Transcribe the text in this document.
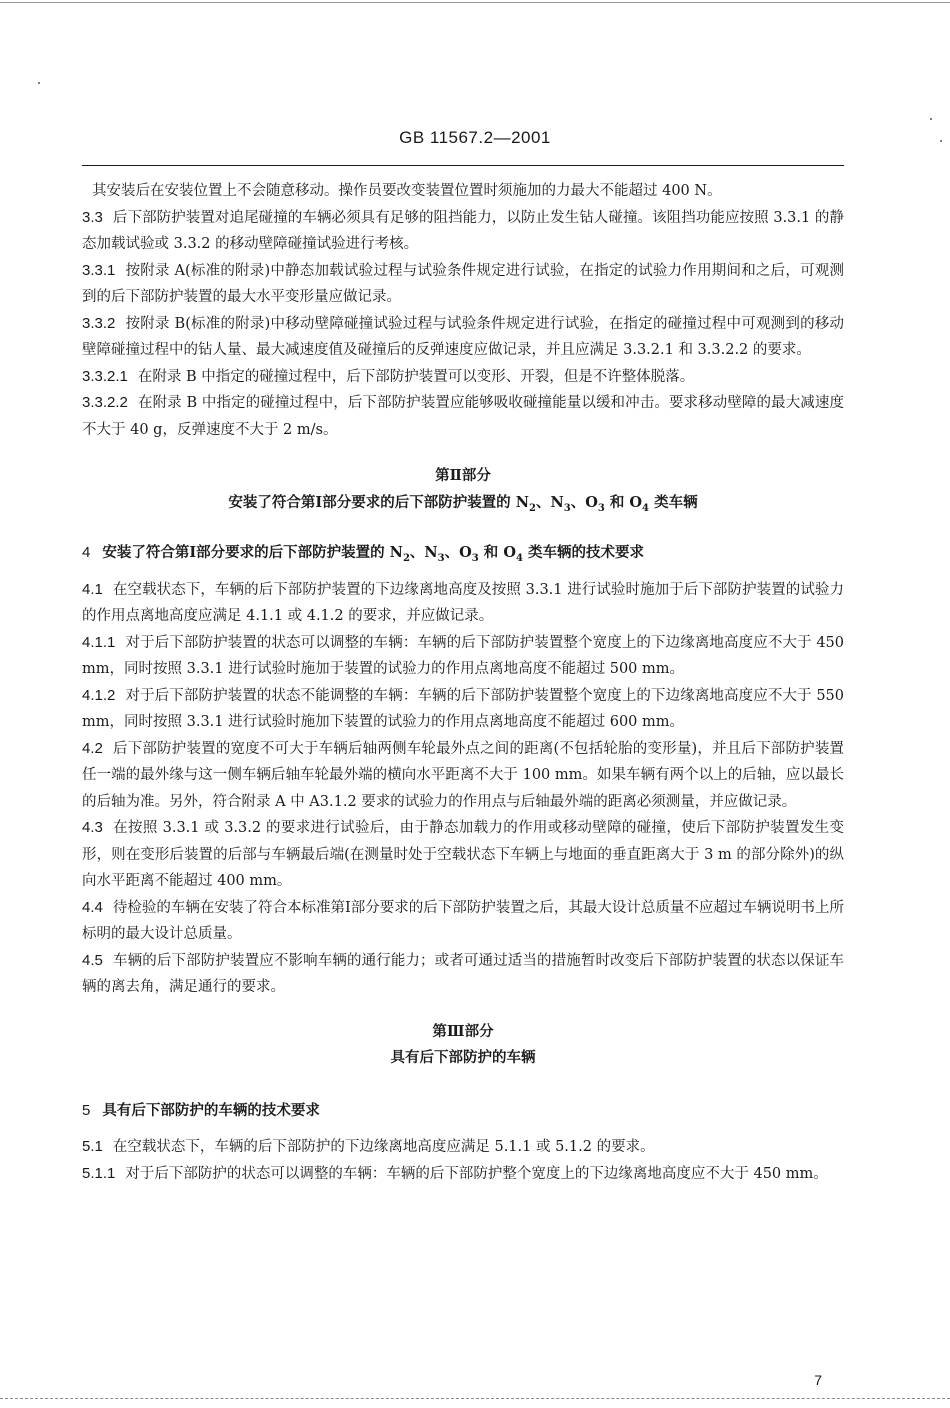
GB 11567.2—2001

其安装后在安装位置上不会随意移动。操作员要改变装置位置时须施加的力最大不能超过 400 N。

3.3 后下部防护装置对追尾碰撞的车辆必须具有足够的阻挡能力，以防止发生钻人碰撞。该阻挡功能应按照 3.3.1 的静态加载试验或 3.3.2 的移动壁障碰撞试验进行考核。

3.3.1 按附录 A(标准的附录)中静态加载试验过程与试验条件规定进行试验，在指定的试验力作用期间和之后，可观测到的后下部防护装置的最大水平变形量应做记录。

3.3.2 按附录 B(标准的附录)中移动壁障碰撞试验过程与试验条件规定进行试验，在指定的碰撞过程中可观测到的移动壁障碰撞过程中的钻人量、最大减速度值及碰撞后的反弹速度应做记录，并且应满足 3.3.2.1 和 3.3.2.2 的要求。

3.3.2.1 在附录 B 中指定的碰撞过程中，后下部防护装置可以变形、开裂，但是不许整体脱落。

3.3.2.2 在附录 B 中指定的碰撞过程中，后下部防护装置应能够吸收碰撞能量以缓和冲击。要求移动壁障的最大减速度不大于 40 g，反弹速度不大于 2 m/s。

第Ⅱ部分

安装了符合第Ⅰ部分要求的后下部防护装置的 $N_2$、$N_3$、$O_3$ 和 $O_4$ 类车辆

4 安装了符合第Ⅰ部分要求的后下部防护装置的 $N_2$、$N_3$、$O_3$ 和 $O_4$ 类车辆的技术要求

4.1 在空载状态下，车辆的后下部防护装置的下边缘离地高度及按照 3.3.1 进行试验时施加于后下部防护装置的试验力的作用点离地高度应满足 4.1.1 或 4.1.2 的要求，并应做记录。

4.1.1 对于后下部防护装置的状态可以调整的车辆：车辆的后下部防护装置整个宽度上的下边缘离地高度应不大于 450 mm，同时按照 3.3.1 进行试验时施加于装置的试验力的作用点离地高度不能超过 500 mm。

4.1.2 对于后下部防护装置的状态不能调整的车辆：车辆的后下部防护装置整个宽度上的下边缘离地高度应不大于 550 mm，同时按照 3.3.1 进行试验时施加下装置的试验力的作用点离地高度不能超过 600 mm。

4.2 后下部防护装置的宽度不可大于车辆后轴两侧车轮最外点之间的距离(不包括轮胎的变形量)，并且后下部防护装置任一端的最外缘与这一侧车辆后轴车轮最外端的横向水平距离不大于 100 mm。如果车辆有两个以上的后轴，应以最长的后轴为准。另外，符合附录 A 中 A3.1.2 要求的试验力的作用点与后轴最外端的距离必须测量，并应做记录。

4.3 在按照 3.3.1 或 3.3.2 的要求进行试验后，由于静态加载力的作用或移动壁障的碰撞，使后下部防护装置发生变形，则在变形后装置的后部与车辆最后端(在测量时处于空载状态下车辆上与地面的垂直距离大于 3 m 的部分除外)的纵向水平距离不能超过 400 mm。

4.4 待检验的车辆在安装了符合本标准第Ⅰ部分要求的后下部防护装置之后，其最大设计总质量不应超过车辆说明书上所标明的最大设计总质量。

4.5 车辆的后下部防护装置应不影响车辆的通行能力；或者可通过适当的措施暂时改变后下部防护装置的状态以保证车辆的离去角，满足通行的要求。

第Ⅲ部分

具有后下部防护的车辆

5 具有后下部防护的车辆的技术要求

5.1 在空载状态下，车辆的后下部防护的下边缘离地高度应满足 5.1.1 或 5.1.2 的要求。

5.1.1 对于后下部防护的状态可以调整的车辆：车辆的后下部防护整个宽度上的下边缘离地高度应不大于 450 mm。

7
